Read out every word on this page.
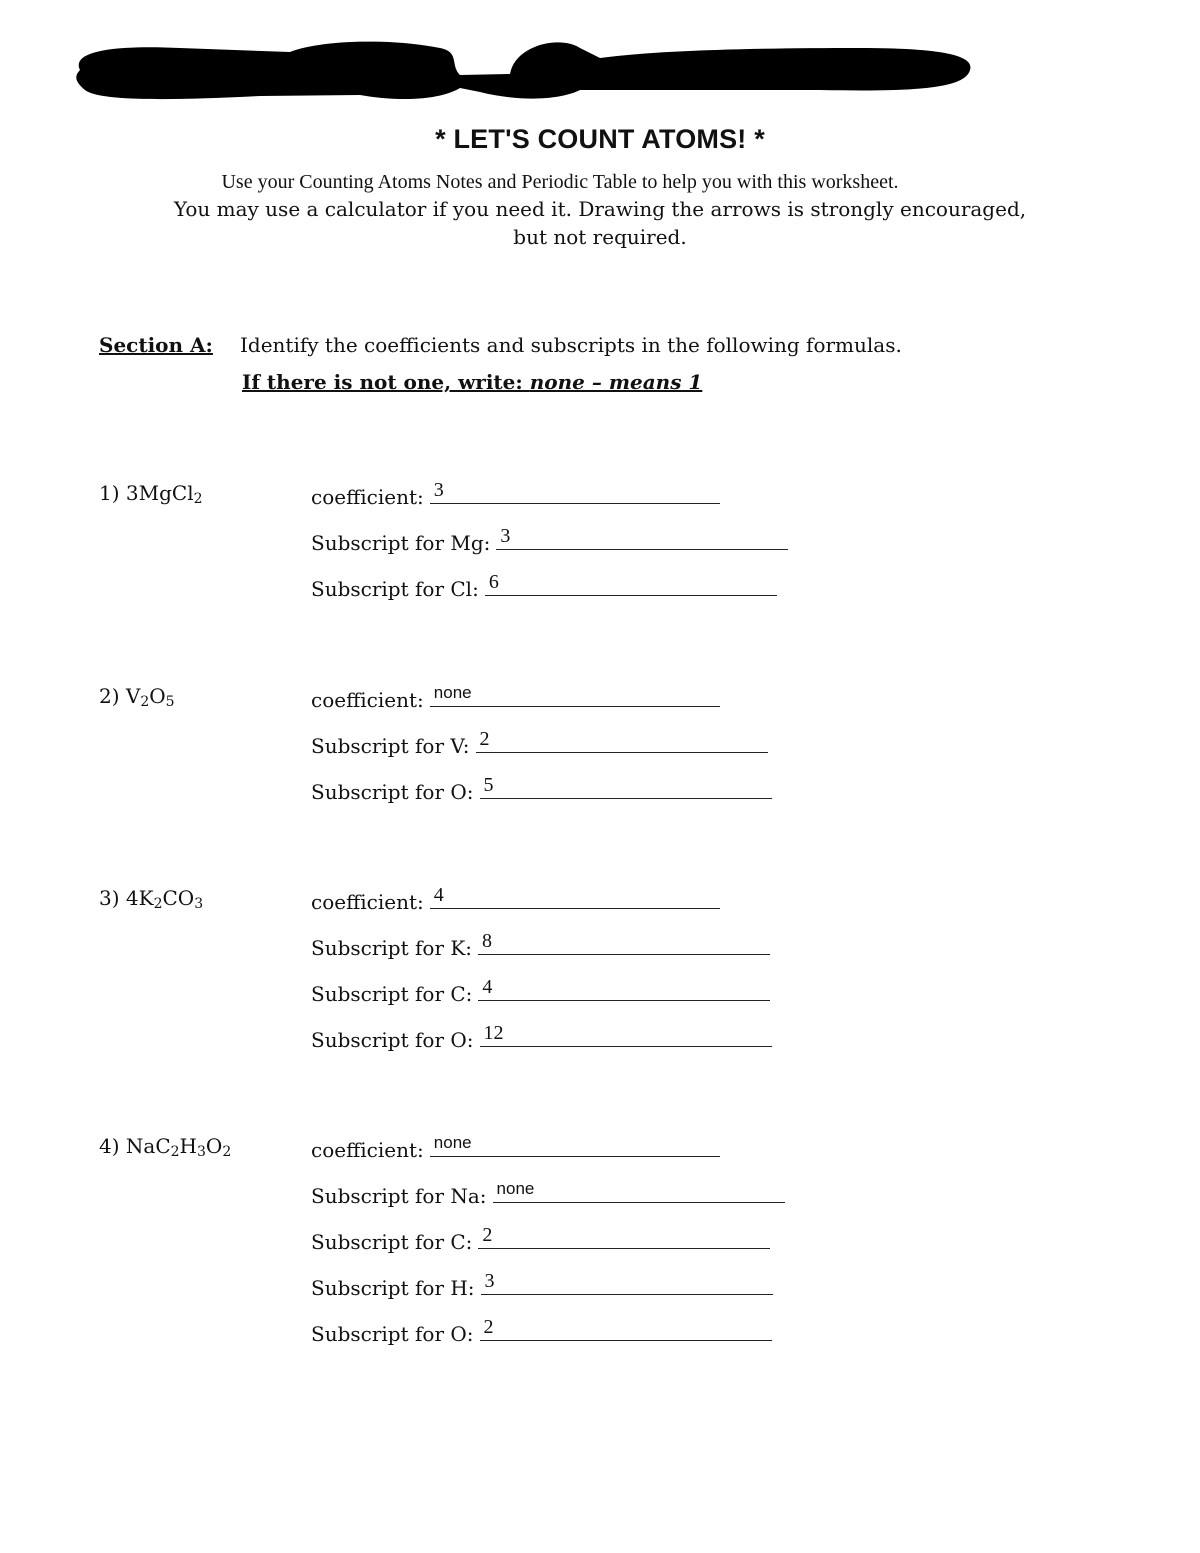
* LET'S COUNT ATOMS! *
Use your Counting Atoms Notes and Periodic Table to help you with this worksheet.
You may use a calculator if you need it. Drawing the arrows is strongly encouraged,
but not required.
Section A: Identify the coefficients and subscripts in the following formulas.
If there is not one, write: none – means 1
1) 3MgCl$_2$	coefficient: 3
Subscript for Mg: 3
Subscript for Cl: 6
2) $V_2O_5$	coefficient: none
Subscript for V: 2
Subscript for O: 5
3) $4K_2CO_3$	coefficient: 4
Subscript for K: 8
Subscript for C: 4
Subscript for O: 12
4) $NaC_2H_3O_2$	coefficient: none
Subscript for Na: none
Subscript for C: 2
Subscript for H: 3
Subscript for O: 2
